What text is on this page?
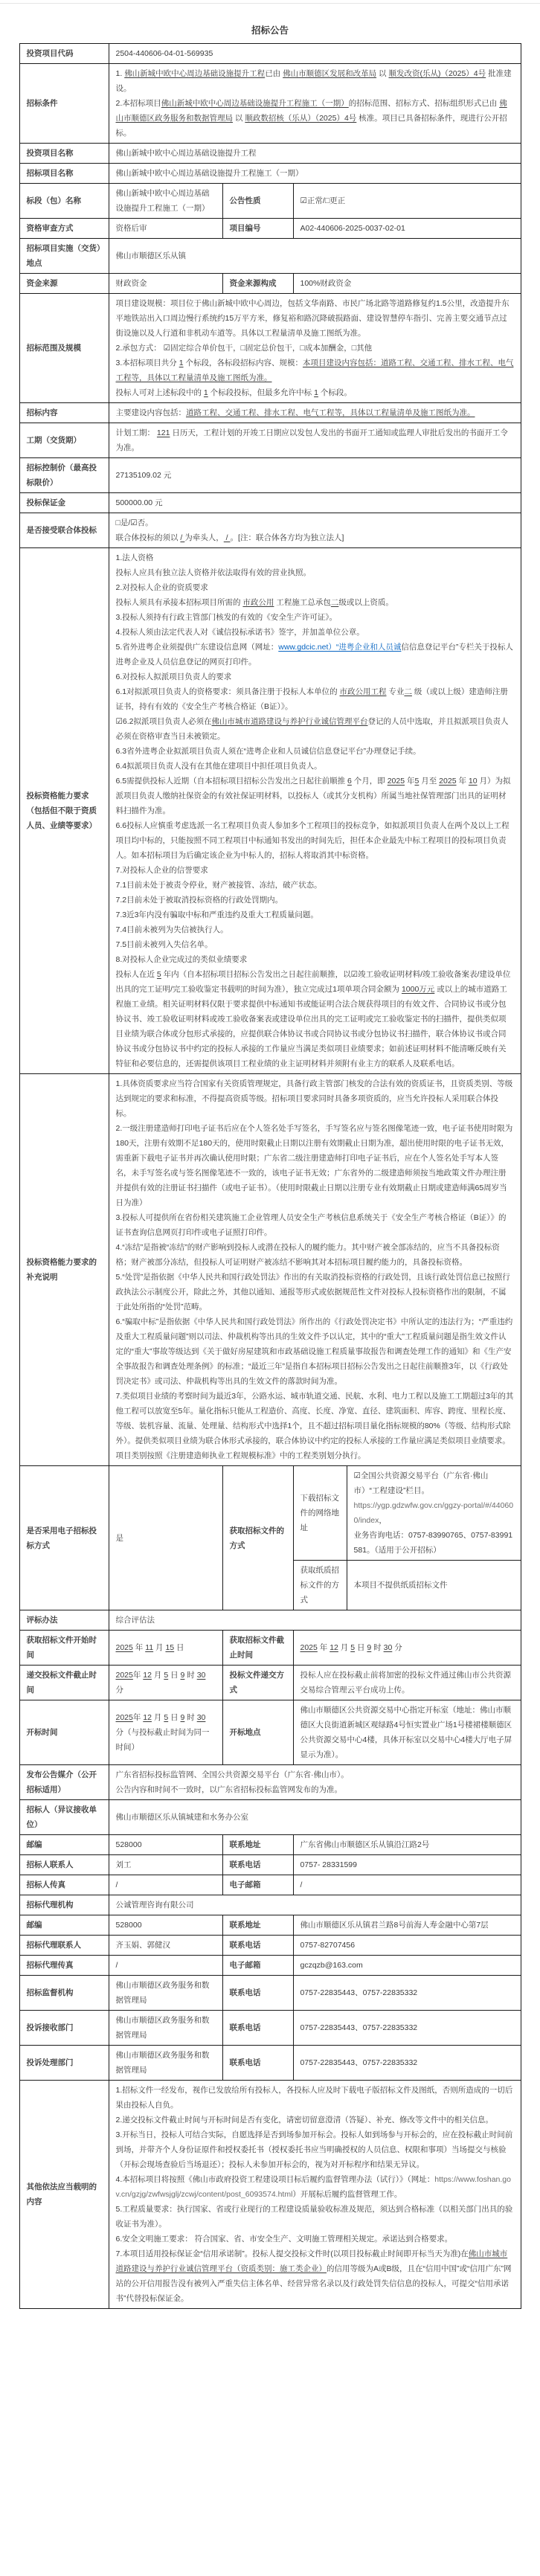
招标公告
投资项目代码	2504-440606-04-01-569935			
招标条件	1. 佛山新城中欧中心周边基础设施提升工程已由 佛山市顺德区发展和改革局 以 顺发改资(乐从)（2025）4号 批准建设。
2.本招标项目佛山新城中欧中心周边基础设施提升工程施工（一期）的招标范围、招标方式、招标组织形式已由 佛山市顺德区政务服务和数据管理局 以 顺政数招核（乐从）（2025）4号 核准。项目已具备招标条件，现进行公开招标。			

投资项目名称	佛山新城中欧中心周边基础设施提升工程			
招标项目名称	佛山新城中欧中心周边基础设施提升工程施工（一期）			
标段（包）名称	佛山新城中欧中心周边基础设施提升工程施工（一期）	公告性质	☑正常/□更正	
资格审查方式	资格后审	项目编号	A02-440606-2025-0037-02-01	
招标项目实施（交货）地点	佛山市顺德区乐从镇			
资金来源	财政资金	资金来源构成	100%财政资金	
招标范围及规模	项目建设规模：项目位于佛山新城中欧中心周边，包括文华南路、市民广场北路等道路修复约1.5公里，改造提升东平地铁站出入口周边慢行系统约15万平方米，修复裕和路沉降破损路面、建设智慧停车指引、完善主要交通节点过街设施以及人行道和非机动车道等。具体以工程量清单及施工图纸为准。
2.承包方式： ☑固定综合单价包干，□固定总价包干，□成本加酬金，□其他
3.本招标项目共分 1 个标段，各标段招标内容、规模：本项目建设内容包括：道路工程、交通工程、排水工程、电气工程等，具体以工程量清单及施工图纸为准。
投标人可对上述标段中的 1 个标段投标，但最多允许中标 1 个标段。			

招标内容	主要建设内容包括：道路工程、交通工程、排水工程、电气工程等，具体以工程量清单及施工图纸为准。			

工期（交货期）	计划工期： 121 日历天，工程计划的开竣工日期应以发包人发出的书面开工通知或监理人审批后发出的书面开工令为准。			

招标控制价（最高投标限价）	27135109.02 元			
投标保证金	500000.00 元			
是否接受联合体投标	□是/☑否。
联合体投标的须以 / 为牵头人， / 。[注：联合体各方均为独立法人]			

投标资格能力要求（包括但不限于资质人员、业绩等要求）	
1.法人资格
投标人应具有独立法人资格并依法取得有效的营业执照。
2.对投标人企业的资质要求
投标人须具有承接本招标项目所需的 市政公用 工程施工总承包二级或以上资质。
3.投标人须持有行政主管部门核发的有效的《安全生产许可证》。
4.投标人须由法定代表人对《诚信投标承诺书》签字，并加盖单位公章。
5.省外进粤企业须提供广东建设信息网（网址：www.gdcic.net）“进粤企业和人员诚信信息登记平台”专栏关于投标人进粤企业及人员信息登记的网页打印件。
6.对投标人拟派项目负责人的要求
6.1对拟派项目负责人的资格要求：须具备注册于投标人本单位的 市政公用工程 专业二 级（或以上级）建造师注册证书，持有有效的《安全生产考核合格证（B证）》。
☑6.2拟派项目负责人必须在佛山市城市道路建设与养护行业诚信管理平台登记的人员中选取，并且拟派项目负责人必须在资格审查当日未被锁定。
6.3省外进粤企业拟派项目负责人须在“进粤企业和人员诚信信息登记平台”办理登记手续。
6.4拟派项目负责人没有在其他在建项目中担任项目负责人。
6.5需提供投标人近期（自本招标项目招标公告发出之日起往前顺推 6 个月，即 2025 年5 月至 2025 年 10 月）为拟派项目负责人缴纳社保资金的有效社保证明材料，以投标人（或其分支机构）所属当地社保管理部门出具的证明材料扫描件为准。
6.6投标人应慎重考虑选派一名工程项目负责人参加多个工程项目的投标竞争，如拟派项目负责人在两个及以上工程项目均中标的，只能按照不同工程项目中标通知书发出的时间先后，担任本企业最先中标工程项目的投标项目负责人。如本招标项目为后确定该企业为中标人的，招标人将取消其中标资格。
7.对投标人企业的信誉要求
7.1目前未处于被责令停业，财产被接管、冻结，破产状态。
7.2目前未处于被取消投标资格的行政处罚期内。
7.3近3年内没有骗取中标和严重违约及重大工程质量问题。
7.4目前未被列为失信被执行人。
7.5目前未被列入失信名单。
8.对投标人企业完成过的类似业绩要求
投标人在近 5 年内（自本招标项目招标公告发出之日起往前顺推，以☑竣工验收证明材料/竣工验收备案表/建设单位出具的完工证明/完工验收鉴定书载明的时间为准），独立完成过1项单项合同金额为 1000万元 或以上的城市道路工程施工业绩。相关证明材料仅限于要求提供中标通知书或能证明合法合规获得项目的有效文件、合同协议书或分包协议书、竣工验收证明材料或竣工验收备案表或建设单位出具的完工证明或完工验收鉴定书的扫描件，提供类似项目业绩为联合体或分包形式承接的，应提供联合体协议书或合同协议书或分包协议书扫描件，联合体协议书或合同协议书或分包协议书中约定的投标人承接的工作量应当满足类似项目业绩要求；如前述证明材料不能清晰反映有关特征和必要信息的，还需提供该项目工程业绩的业主证明材料并须附有业主方的联系人及联系电话。

投标资格能力要求的补充说明	
1.具体资质要求应当符合国家有关资质管理规定，具备行政主管部门核发的合法有效的资质证书，且资质类别、等级达到规定的要求和标准，不得提高资质等级。招标项目要求同时具备多项资质的，应当允许投标人采用联合体投标。
2.一级注册建造师打印电子证书后应在个人签名处手写签名，手写签名应与签名图像笔迹一致，电子证书使用时限为180天，注册有效期不足180天的，使用时限截止日期以注册有效期截止日期为准，超出使用时限的电子证书无效，需重新下载电子证书并再次确认使用时限；广东省二级注册建造师打印电子证书后，应在个人签名处手写本人签名，未手写签名或与签名图像笔迹不一致的，该电子证书无效；广东省外的二级建造师须按当地政策文件办理注册并提供有效的注册证书扫描件（或电子证书）。（使用时限截止日期以注册专业有效期截止日期或建造师满65周岁当日为准）
3.投标人可提供所在省份相关建筑施工企业管理人员安全生产考核信息系统关于《安全生产考核合格证（B证）》的证书查询信息网页打印件或电子证照打印件。
4.“冻结”是指被“冻结”的财产影响到投标人或潜在投标人的履约能力。其中财产被全部冻结的，应当不具备投标资格；财产被部分冻结，但投标人可证明财产被冻结不影响其对本招标项目履约能力的，具备投标资格。
5.“处罚”是指依据《中华人民共和国行政处罚法》作出的有关取消投标资格的行政处罚，且该行政处罚信息已按照行政执法公示制度公开，除此之外，其他以通知、通报等形式或依据规范性文件对投标人投标资格作出的限制，不属于此处所指的“处罚”范畴。
6.“骗取中标”是指依据《中华人民共和国行政处罚法》所作出的《行政处罚决定书》中所认定的违法行为；“严重违约及重大工程质量问题”则以司法、仲裁机构等出具的生效文件予以认定，其中的“重大”工程质量问题是指生效文件认定的“重大”事故等级达到《关于做好房屋建筑和市政基础设施工程质量事故报告和调查处理工作的通知》和《生产安全事故报告和调查处理条例》的标准；“最近三年”是指自本招标项目招标公告发出之日起往前顺推3年，以《行政处罚决定书》或司法、仲裁机构等出具的生效文件的落款时间为准。
7.类似项目业绩的考察时间为最近3年，公路水运、城市轨道交通、民航、水利、电力工程以及施工工期超过3年的其他工程可以放宽至5年。量化指标只能从工程造价、高度、长度、净宽、直径、建筑面积、库容、跨度、里程长度、等级、装机容量、流量、处理量、结构形式中选择1个，且不超过招标项目量化指标规模的80%（等级、结构形式除外）。提供类似项目业绩为联合体形式承接的，联合体协议中约定的投标人承接的工作量应满足类似项目业绩要求。项目类别按照《注册建造师执业工程规模标准》中的工程类别划分执行。

是否采用电子招标投标方式	是	获取招标文件的方式	下载招标文件的网络地址	☑全国公共资源交易平台（广东省·佛山市）“工程建设”栏目。
https://ygp.gdzwfw.gov.cn/ggzy-portal/#/440600/index，
业务咨询电话：0757-83990765、0757-83991581。（适用于公开招标）

			获取纸质招标文件的方式	本项目不提供纸质招标文件
评标办法	综合评估法			
获取招标文件开始时间	2025 年 11 月 15 日	获取招标文件截止时间	2025 年 12 月 5 日 9 时 30 分	

递交投标文件截止时间	2025年 12 月 5 日 9 时 30 分	投标文件递交方式	投标人应在投标截止前将加密的投标文件通过佛山市公共资源交易综合管理云平台成功上传。	
开标时间	2025年 12 月 5 日 9 时 30 分（与投标截止时间为同一时间）	开标地点	佛山市顺德区公共资源交易中心指定开标室（地址：佛山市顺德区大良街道新城区观绿路4号恒实置业广场1号楼裙楼顺德区公共资源交易中心4楼，具体开标室以交易中心4楼大厅电子屏显示为准）。	
发布公告媒介（公开招标适用）	广东省招标投标监管网、全国公共资源交易平台（广东省·佛山市）。
公告内容和时间不一致时，以广东省招标投标监管网发布的为准。			

招标人（异议接收单位）	佛山市顺德区乐从镇城建和水务办公室			
邮编	528000	联系地址	广东省佛山市顺德区乐从镇沿江路2号	
招标人联系人	刘工	联系电话	0757- 28331599	
招标人传真	/	电子邮箱	/	
招标代理机构	公诚管理咨询有限公司			
邮编	528000	联系地址	佛山市顺德区乐从镇君兰路8号前海人寿金融中心第7层	
招标代理联系人	齐玉娟、郭健汉	联系电话	0757-82707456	
招标代理传真	/	电子邮箱	gczqzb@163.com	
招标监督机构	佛山市顺德区政务服务和数据管理局	联系电话	0757-22835443、0757-22835332	
投诉接收部门	佛山市顺德区政务服务和数据管理局	联系电话	0757-22835443、0757-22835332	
投诉处理部门	佛山市顺德区政务服务和数据管理局	联系电话	0757-22835443、0757-22835332	
其他依法应当载明的内容	
1.招标文件一经发布，视作已发放给所有投标人，各投标人应及时下载电子版招标文件及图纸，否则所造成的一切后果由投标人自负。
2.递交投标文件截止时间与开标时间是否有变化，请密切留意澄清（答疑）、补充、修改等文件中的相关信息。
3.开标当日，投标人可结合实际，自愿选择是否到场参加开标会。投标人如到场参与开标会的，应在投标截止时间前到场，并带齐个人身份证原件和授权委托书（授权委托书应当明确授权的人员信息、权限和事项）当场提交与核验（开标会现场查验后当场退还）；投标人未参加开标会的，视为对开标程序和结果无异议。
4.本招标项目将按照《佛山市政府投资工程建设项目标后履约监督管理办法（试行）》（网址：https://www.foshan.gov.cn/gzjg/zwfwsjglj/zcwj/content/post_6093574.html）开展标后履约监督管理工作。
5.工程质量要求：执行国家、省或行业现行的工程建设质量验收标准及规范，须达到合格标准（以相关部门出具的验收证书为准）。
6.安全文明施工要求： 符合国家、省、市安全生产、文明施工管理相关规定。承诺达到合格要求。
7.本项目适用投标保证金“信用承诺制”。投标人提交投标文件时(以项目投标截止时间即开标当天为准)在佛山市城市道路建设与养护行业诚信管理平台（资质类别：施工类企业）的信用等级为A或B级，且在“信用中国”或“信用广东”网站的公开信用报告没有被列入严重失信主体名单、经营异常名录以及行政处罚失信信息的投标人，可提交“信用承诺书”代替投标保证金。
